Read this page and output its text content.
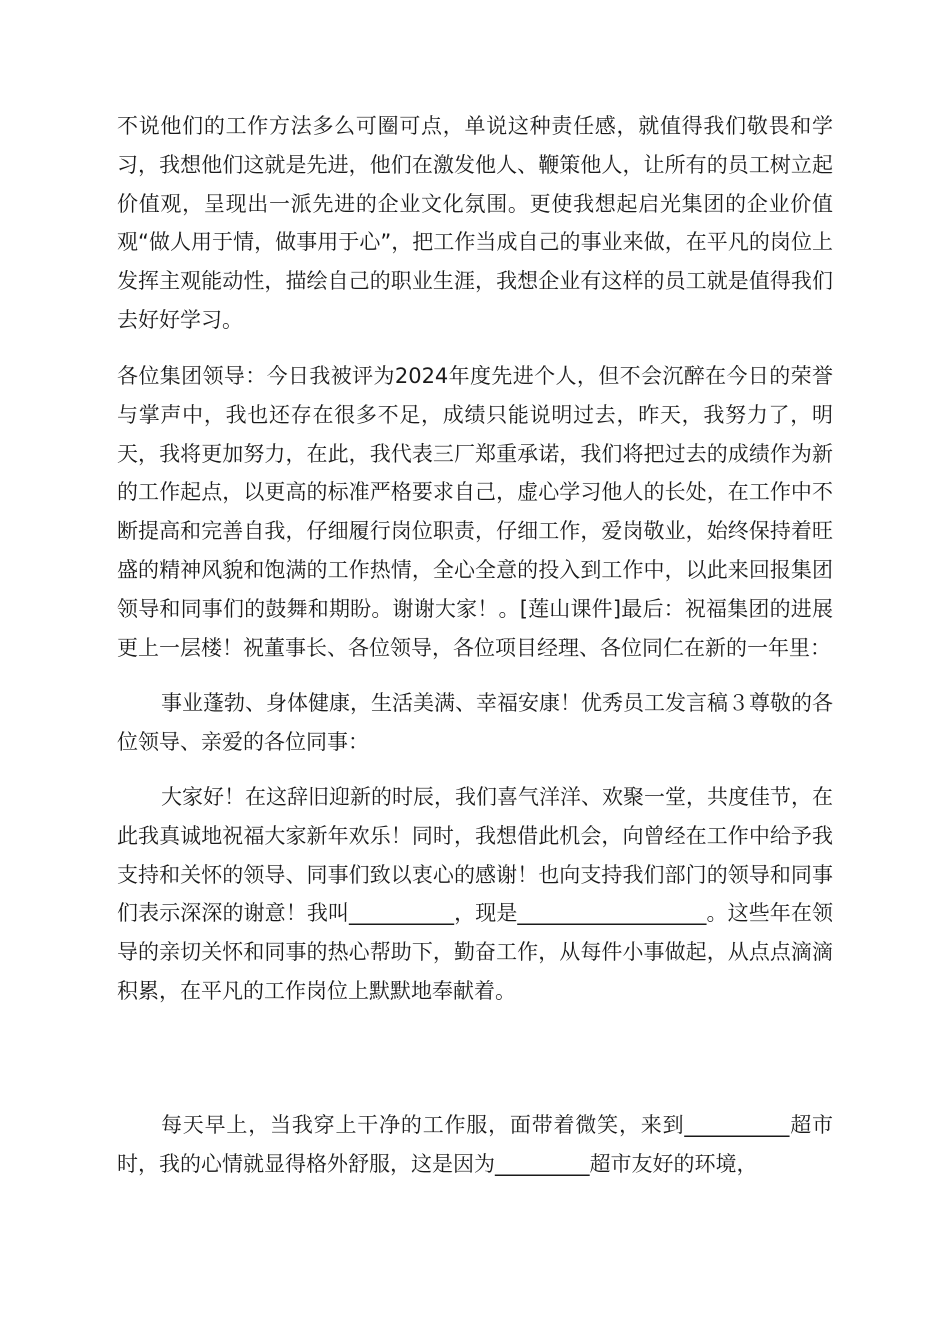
不说他们的工作方法多么可圈可点，单说这种责任感，就值得我们敬畏和学习，我想他们这就是先进，他们在激发他人、鞭策他人，让所有的员工树立起价值观，呈现出一派先进的企业文化氛围。更使我想起启光集团的企业价值观“做人用于情，做事用于心”，把工作当成自己的事业来做，在平凡的岗位上发挥主观能动性，描绘自己的职业生涯，我想企业有这样的员工就是值得我们去好好学习。

各位集团领导：今日我被评为2024年度先进个人，但不会沉醉在今日的荣誉与掌声中，我也还存在很多不足，成绩只能说明过去，昨天，我努力了，明天，我将更加努力，在此，我代表三厂郑重承诺，我们将把过去的成绩作为新的工作起点，以更高的标准严格要求自己，虚心学习他人的长处，在工作中不断提高和完善自我，仔细履行岗位职责，仔细工作，爱岗敬业，始终保持着旺盛的精神风貌和饱满的工作热情，全心全意的投入到工作中，以此来回报集团领导和同事们的鼓舞和期盼。谢谢大家！。[莲山课件]最后：祝福集团的进展更上一层楼！祝董事长、各位领导，各位项目经理、各位同仁在新的一年里：

事业蓬勃、身体健康，生活美满、幸福安康！优秀员工发言稿３尊敬的各位领导、亲爱的各位同事：

大家好！在这辞旧迎新的时辰，我们喜气洋洋、欢聚一堂，共度佳节，在此我真诚地祝福大家新年欢乐！同时，我想借此机会，向曾经在工作中给予我支持和关怀的领导、同事们致以衷心的感谢！也向支持我们部门的领导和同事们表示深深的谢意！我叫__________，现是__________________。这些年在领导的亲切关怀和同事的热心帮助下，勤奋工作，从每件小事做起，从点点滴滴积累，在平凡的工作岗位上默默地奉献着。

每天早上，当我穿上干净的工作服，面带着微笑，来到__________超市时，我的心情就显得格外舒服，这是因为_________超市友好的环境，
